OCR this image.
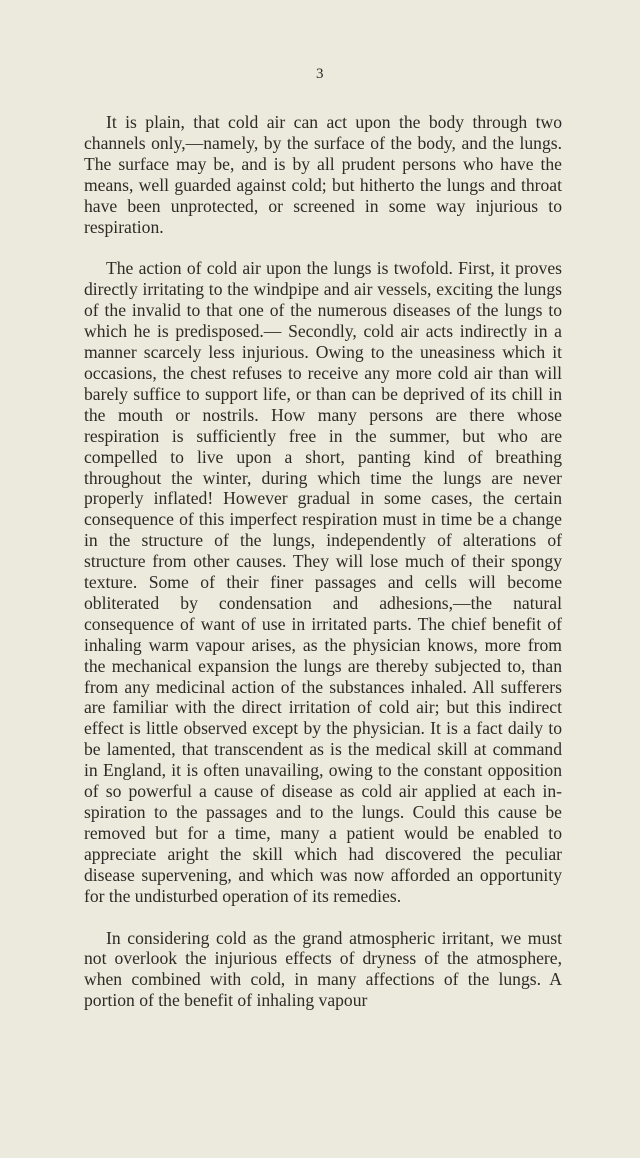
3

It is plain, that cold air can act upon the body through two channels only,—namely, by the surface of the body, and the lungs. The surface may be, and is by all prudent persons who have the means, well guarded against cold; but hitherto the lungs and throat have been unprotected, or screened in some way injurious to respiration.

The action of cold air upon the lungs is twofold. First, it proves directly irritating to the windpipe and air vessels, exciting the lungs of the invalid to that one of the numerous diseases of the lungs to which he is predisposed.— Secondly, cold air acts indirectly in a manner scarcely less injurious. Owing to the uneasiness which it occasions, the chest refuses to receive any more cold air than will barely suffice to support life, or than can be deprived of its chill in the mouth or nostrils. How many persons are there whose respiration is sufficiently free in the summer, but who are compelled to live upon a short, panting kind of breathing throughout the winter, during which time the lungs are never properly inflated! However gradual in some cases, the certain consequence of this imperfect respiration must in time be a change in the structure of the lungs, independently of alterations of structure from other causes. They will lose much of their spongy texture. Some of their finer passages and cells will become obliterated by condensation and adhesions,—the natural consequence of want of use in irritated parts. The chief benefit of inhaling warm vapour arises, as the physician knows, more from the mechanical expansion the lungs are thereby subjected to, than from any medicinal action of the substances inhaled. All sufferers are familiar with the direct irritation of cold air; but this indirect effect is little observed except by the physician. It is a fact daily to be lamented, that transcendent as is the medical skill at command in England, it is often unavailing, owing to the constant opposition of so powerful a cause of disease as cold air applied at each inspiration to the passages and to the lungs. Could this cause be removed but for a time, many a patient would be enabled to appreciate aright the skill which had discovered the peculiar disease supervening, and which was now afforded an opportunity for the undisturbed operation of its remedies.

In considering cold as the grand atmospheric irritant, we must not overlook the injurious effects of dryness of the atmosphere, when combined with cold, in many affections of the lungs. A portion of the benefit of inhaling vapour
